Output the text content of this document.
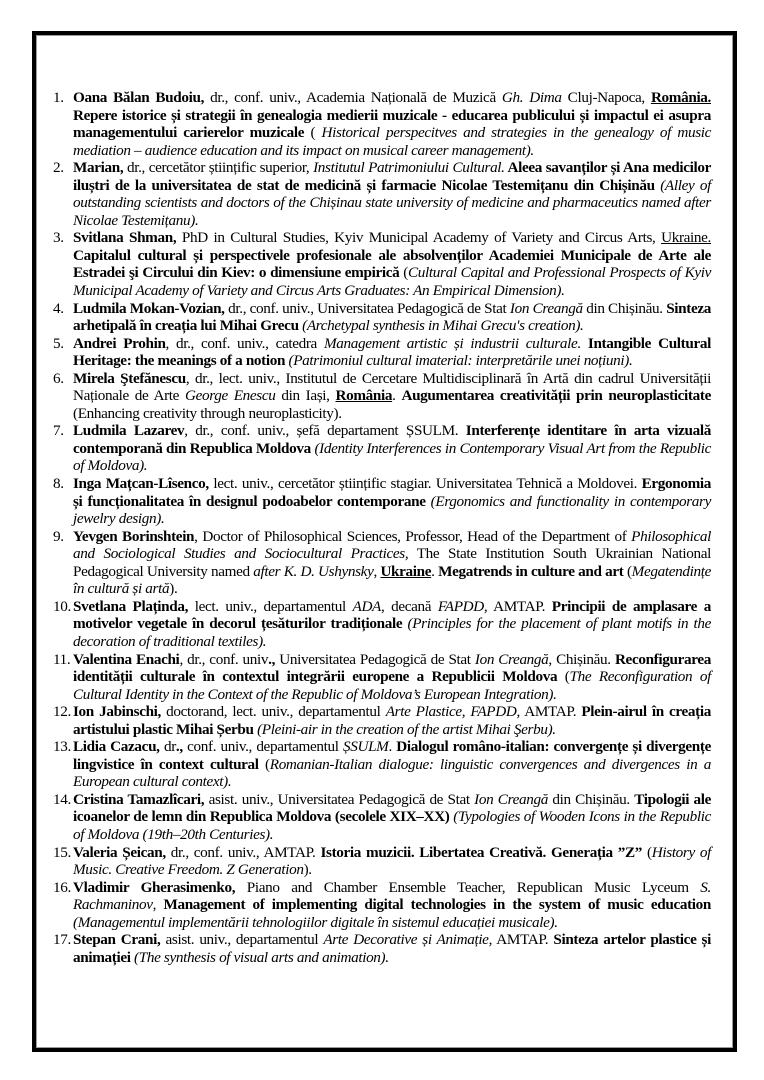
1. Oana Bălan Budoiu, dr., conf. univ., Academia Națională de Muzică Gh. Dima Cluj-Napoca, România. Repere istorice și strategii în genealogia medierii muzicale - educarea publicului și impactul ei asupra managementului carierelor muzicale ( Historical perspecitves and strategies in the genealogy of music mediation – audience education and its impact on musical career management).
2. Marian, dr., cercetător științific superior, Institutul Patrimoniului Cultural. Aleea savanților și Ana medicilor iluștri de la universitatea de stat de medicină și farmacie Nicolae Testemițanu din Chișinău (Alley of outstanding scientists and doctors of the Chișinau state university of medicine and pharmaceutics named after Nicolae Testemițanu).
3. Svitlana Shman, PhD in Cultural Studies, Kyiv Municipal Academy of Variety and Circus Arts, Ukraine. Capitalul cultural și perspectivele profesionale ale absolvenților Academiei Municipale de Arte ale Estradei şi Circului din Kiev: o dimensiune empirică (Cultural Capital and Professional Prospects of Kyiv Municipal Academy of Variety and Circus Arts Graduates: An Empirical Dimension).
4. Ludmila Mokan-Vozian, dr., conf. univ., Universitatea Pedagogică de Stat Ion Creangă din Chișinău. Sinteza arhetipală în creația lui Mihai Grecu (Archetypal synthesis in Mihai Grecu's creation).
5. Andrei Prohin, dr., conf. univ., catedra Management artistic și industrii culturale. Intangible Cultural Heritage: the meanings of a notion (Patrimoniul cultural imaterial: interpretările unei noțiuni).
6. Mirela Ştefănescu, dr., lect. univ., Institutul de Cercetare Multidisciplinară în Artă din cadrul Universității Naționale de Arte George Enescu din Iași, România. Augumentarea creativității prin neuroplasticitate (Enhancing creativity through neuroplasticity).
7. Ludmila Lazarev, dr., conf. univ., șefă departament ȘSULM. Interferențe identitare în arta vizuală contemporană din Republica Moldova (Identity Interferences in Contemporary Visual Art from the Republic of Moldova).
8. Inga Mațcan-Lîsenco, lect. univ., cercetător științific stagiar. Universitatea Tehnică a Moldovei. Ergonomia și funcționalitatea în designul podoabelor contemporane (Ergonomics and functionality in contemporary jewelry design).
9. Yevgen Borinshtein, Doctor of Philosophical Sciences, Professor, Head of the Department of Philosophical and Sociological Studies and Sociocultural Practices, The State Institution South Ukrainian National Pedagogical University named after K. D. Ushynsky, Ukraine. Megatrends in culture and art (Megatendințe în cultură și artă).
10. Svetlana Plaținda, lect. univ., departamentul ADA, decană FAPDD, AMTAP. Principii de amplasare a motivelor vegetale în decorul țesăturilor tradiționale (Principles for the placement of plant motifs in the decoration of traditional textiles).
11. Valentina Enachi, dr., conf. univ., Universitatea Pedagogică de Stat Ion Creangă, Chișinău. Reconfigurarea identității culturale în contextul integrării europene a Republicii Moldova (The Reconfiguration of Cultural Identity in the Context of the Republic of Moldova’s European Integration).
12. Ion Jabinschi, doctorand, lect. univ., departamentul Arte Plastice, FAPDD, AMTAP. Plein-airul în creația artistului plastic Mihai Șerbu (Pleini-air in the creation of the artist Mihai Şerbu).
13. Lidia Cazacu, dr., conf. univ., departamentul ȘSULM. Dialogul româno-italian: convergențe și divergențe lingvistice în context cultural (Romanian-Italian dialogue: linguistic convergences and divergences in a European cultural context).
14. Cristina Tamazlîcari, asist. univ., Universitatea Pedagogică de Stat Ion Creangă din Chișinău. Tipologii ale icoanelor de lemn din Republica Moldova (secolele XIX–XX) (Typologies of Wooden Icons in the Republic of Moldova (19th–20th Centuries).
15. Valeria Șeican, dr., conf. univ., AMTAP. Istoria muzicii. Libertatea Creativă. Generația ”Z” (History of Music. Creative Freedom. Z Generation).
16. Vladimir Gherasimenko, Piano and Chamber Ensemble Teacher, Republican Music Lyceum S. Rachmaninov, Management of implementing digital technologies in the system of music education (Managementul implementării tehnologiilor digitale în sistemul educației musicale).
17. Stepan Crani, asist. univ., departamentul Arte Decorative și Animație, AMTAP. Sinteza artelor plastice și animației (The synthesis of visual arts and animation).
